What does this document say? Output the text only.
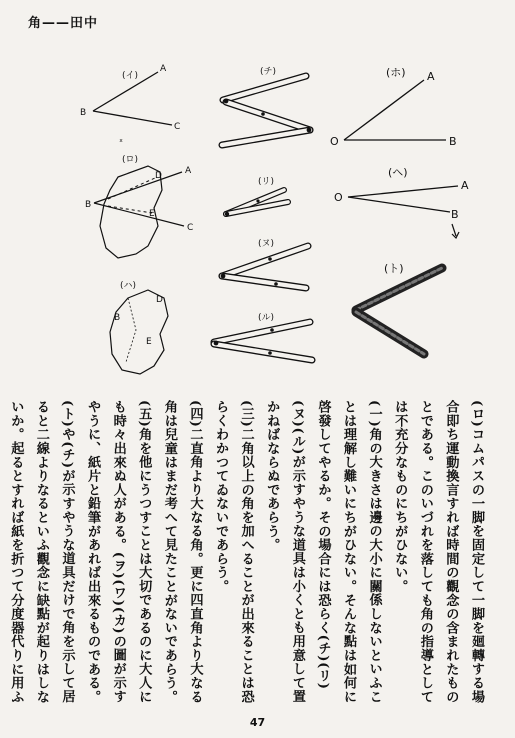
角——田中
(イ)
B
A
C
ₓ
(ロ)
B
D
E
A
C
(ハ)
B
D
E
(チ)
(リ)
(ヌ)
(ル)
(ホ)
O
A
B
(ヘ)
O
A
B
(ト)

(ロ)コムパスの一脚を固定して一脚を廻轉する場合即ち運動換言すれば時間の觀念の含まれたものとである。このいづれを落しても角の指導としては不充分なものにちがひない。

(一)角の大きさは邊の大小に關係しないといふことは理解し難いにちがひない。そんな點は如何に啓發してやるか。その場合には恐らく(チ)(リ)(ヌ)(ル)が示すやうな道具は小くとも用意して置かねばならぬであらう。

(三)二角以上の角を加へることが出來ることは恐らくわかつてゐないであらう。

(四)二直角より大なる角。更に四直角より大なる角は兒童はまだ考へて見たことがないであらう。

(五)角を他にうつすことは大切であるのに大人にも時々出來ぬ人がある。(ヲ)(ワ)(カ)の圖が示すやうに、紙片と鉛筆があれば出來るものである。

(ト)や(チ)が示すやうな道具だけで角を示して居ると二線よりなるといふ觀念に缺點が起りはしないか。起るとすれば紙を折つて分度器代りに用ふ

47
